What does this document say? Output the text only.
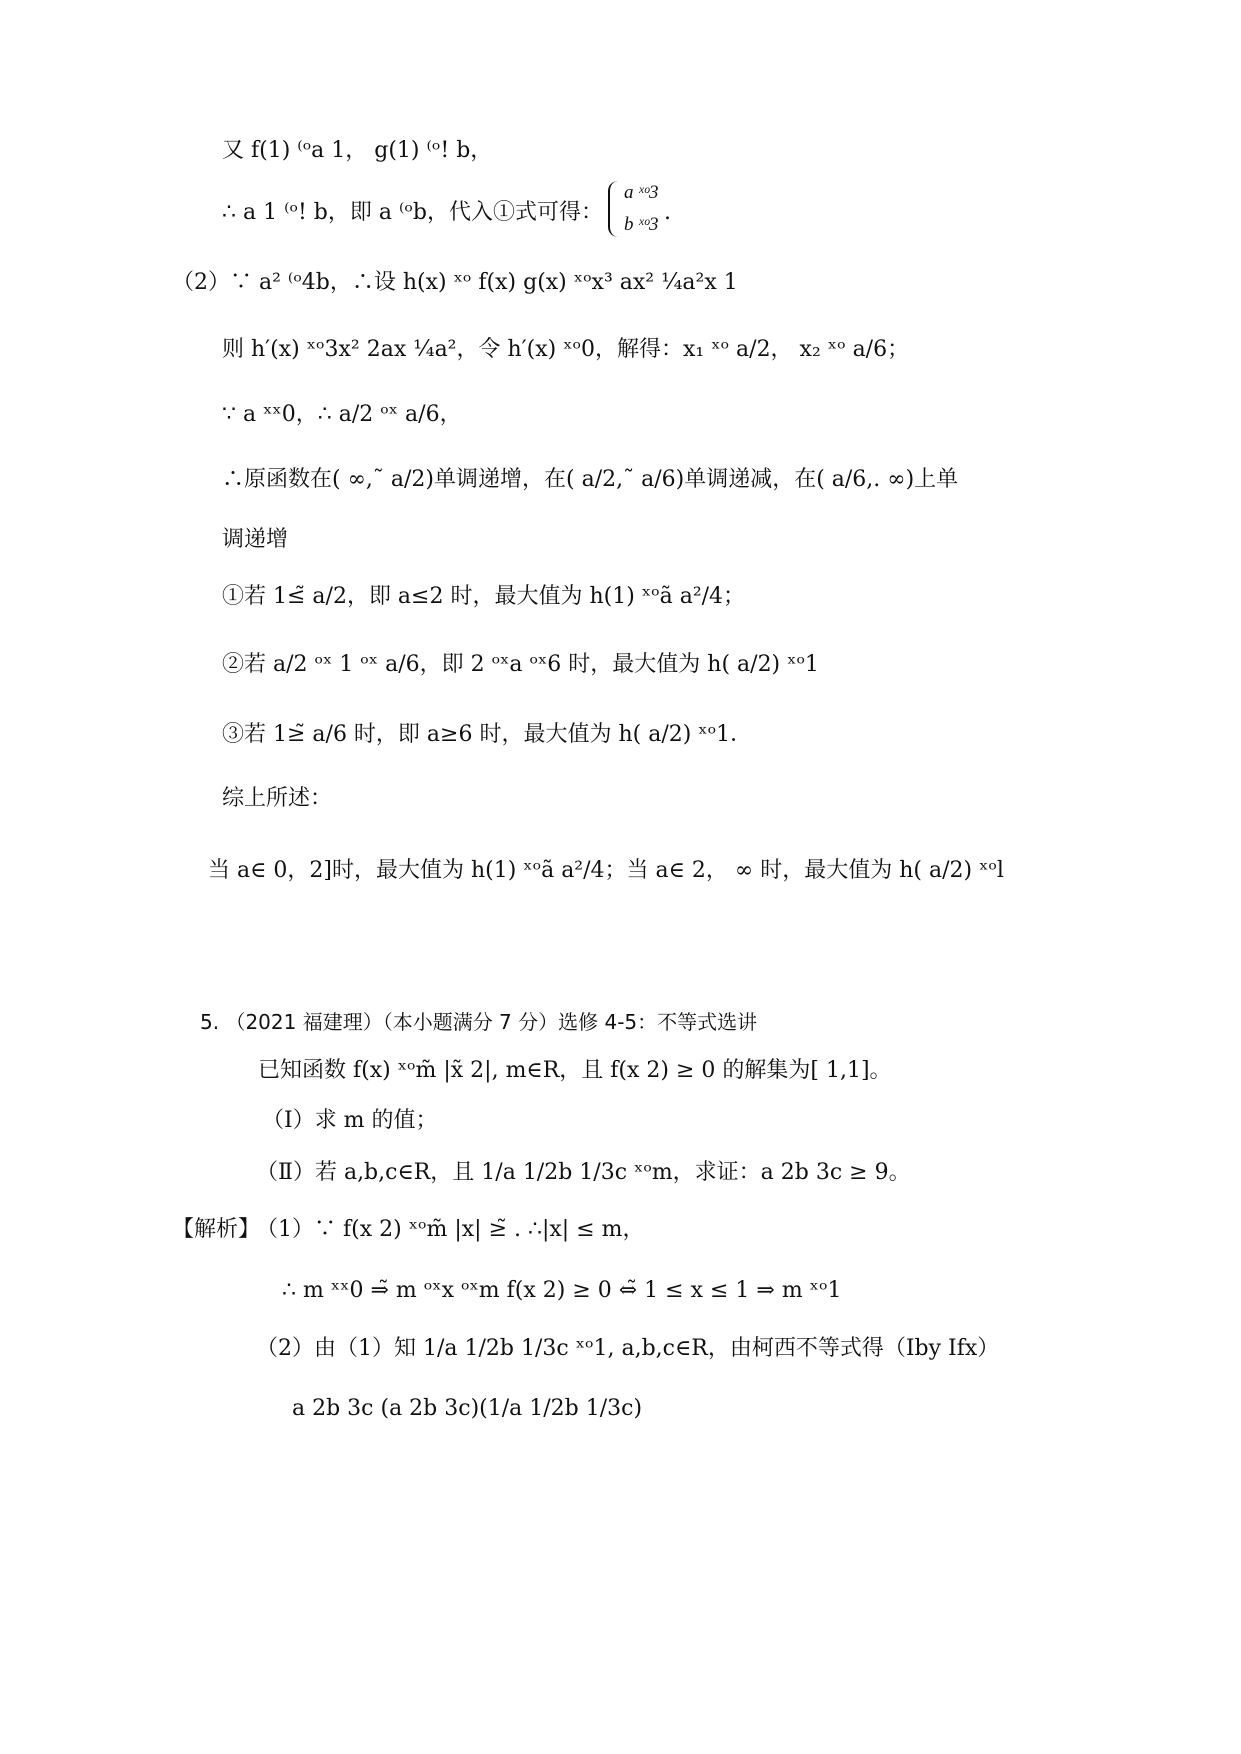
又 f(1) ⁽ᵒa 1， g(1) ⁽ᵒ! b，
∴ a 1 ⁽ᵒ! b，即 a ⁽ᵒb，代入①式可得：
a ˣᵒ3
b ˣᵒ3 .
（2）∵ a² ⁽ᵒ4b，∴设 h(x) ˣᵒ f(x) g(x) ˣᵒx³ ax² ¹⁄₄a²x 1
则 h′(x) ˣᵒ3x² 2ax ¹⁄₄a²，令 h′(x) ˣᵒ0，解得：x₁ ˣᵒ a/2， x₂ ˣᵒ a/6；
∵ a ˣˣ0，∴ a/2 ᵒˣ a/6，
∴原函数在( ∞,˜ a/2)单调递增，在( a/2,˜ a/6)单调递减，在( a/6,. ∞)上单
调递增
①若 1≤̃ a/2，即 a≤2 时，最大值为 h(1) ˣᵒã a²/4；
②若 a/2 ᵒˣ 1 ᵒˣ a/6，即 2 ᵒˣa ᵒˣ6 时，最大值为 h( a/2) ˣᵒ1
③若 1≥̃ a/6 时，即 a≥6 时，最大值为 h( a/2) ˣᵒ1．
综上所述：
当 a∈ 0，2]时，最大值为 h(1) ˣᵒã a²/4；当 a∈ 2， ∞ 时，最大值为 h( a/2) ˣᵒl
5. （2021 福建理）（本小题满分 7 分）选修 4-5：不等式选讲
已知函数 f(x) ˣᵒm̃ |x̃ 2|, m∈R，且 f(x 2) ≥ 0 的解集为[ 1,1]。
（Ⅰ）求 m 的值；
（Ⅱ）若 a,b,c∈R，且 1/a 1/2b 1/3c ˣᵒm，求证：a 2b 3c ≥ 9。
【解析】
（1）∵ f(x 2) ˣᵒm̃ |x| ≥̃ . ∴|x| ≤ m，
∴ m ˣˣ0 ⇒̃ m ᵒˣx ᵒˣm f(x 2) ≥ 0 ⇔̃ 1 ≤ x ≤ 1 ⇒ m ˣᵒ1
（2）由（1）知 1/a 1/2b 1/3c ˣᵒ1, a,b,c∈R，由柯西不等式得（Iby Ifx）
a 2b 3c (a 2b 3c)(1/a 1/2b 1/3c)
